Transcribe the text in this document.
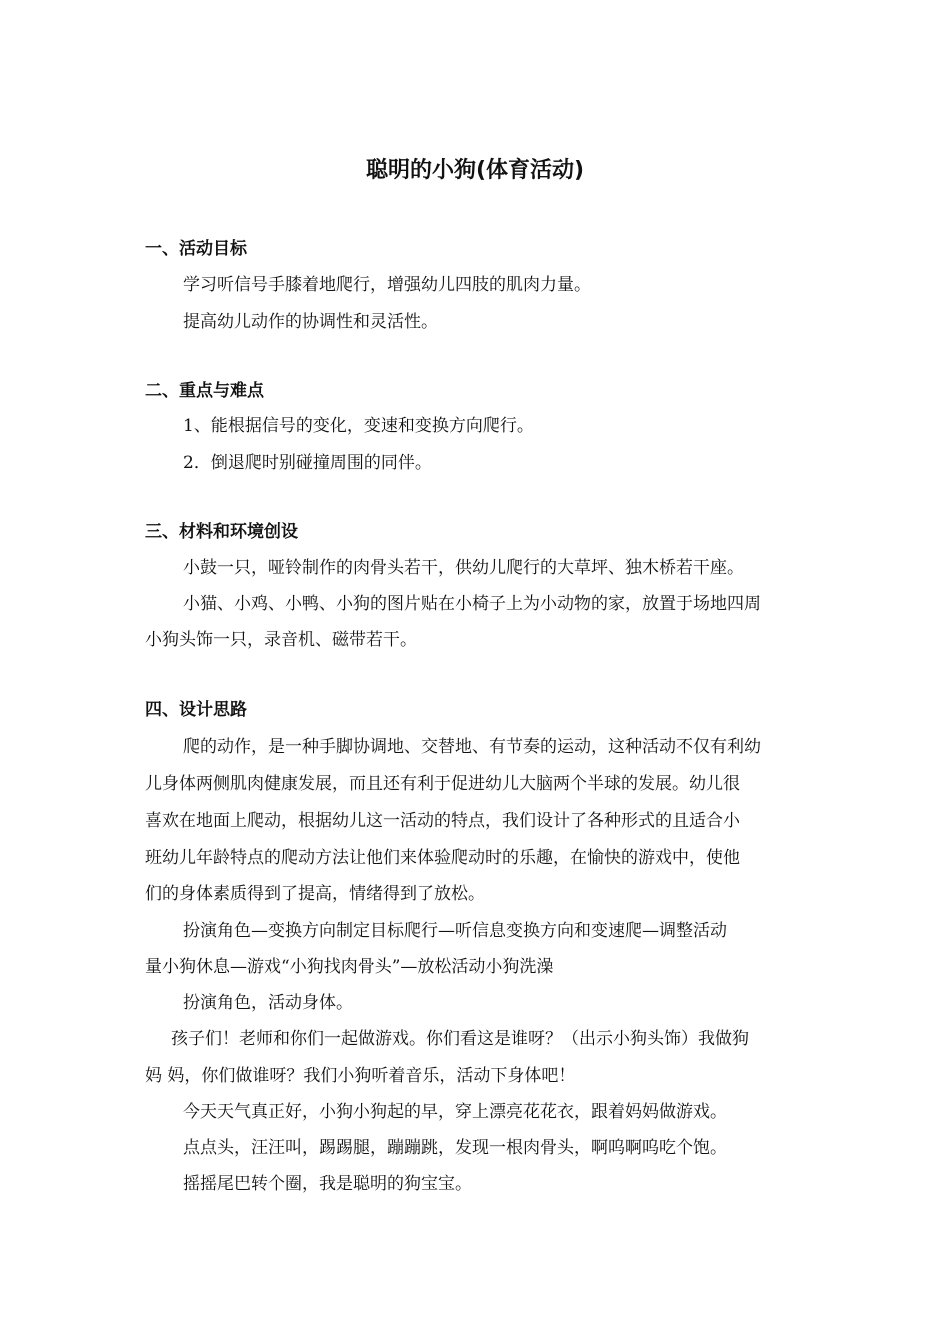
聪明的小狗(体育活动)
一、活动目标
学习听信号手膝着地爬行，增强幼儿四肢的肌肉力量。
提高幼儿动作的协调性和灵活性。
二、重点与难点
1、能根据信号的变化，变速和变换方向爬行。
2．倒退爬时别碰撞周围的同伴。
三、材料和环境创设
小鼓一只，哑铃制作的肉骨头若干，供幼儿爬行的大草坪、独木桥若干座。
小猫、小鸡、小鸭、小狗的图片贴在小椅子上为小动物的家，放置于场地四周
小狗头饰一只，录音机、磁带若干。
四、设计思路
爬的动作，是一种手脚协调地、交替地、有节奏的运动，这种活动不仅有利幼
儿身体两侧肌肉健康发展，而且还有利于促进幼儿大脑两个半球的发展。幼儿很
喜欢在地面上爬动，根据幼儿这一活动的特点，我们设计了各种形式的且适合小
班幼儿年龄特点的爬动方法让他们来体验爬动时的乐趣，在愉快的游戏中，使他
们的身体素质得到了提高，情绪得到了放松。
扮演角色—变换方向制定目标爬行—听信息变换方向和变速爬—调整活动
量小狗休息—游戏“小狗找肉骨头”—放松活动小狗洗澡
扮演角色，活动身体。
孩子们！老师和你们一起做游戏。你们看这是谁呀？（出示小狗头饰）我做狗
妈 妈，你们做谁呀？我们小狗听着音乐，活动下身体吧！
今天天气真正好，小狗小狗起的早，穿上漂亮花花衣，跟着妈妈做游戏。
点点头，汪汪叫，踢踢腿，蹦蹦跳，发现一根肉骨头，啊呜啊呜吃个饱。
摇摇尾巴转个圈，我是聪明的狗宝宝。
